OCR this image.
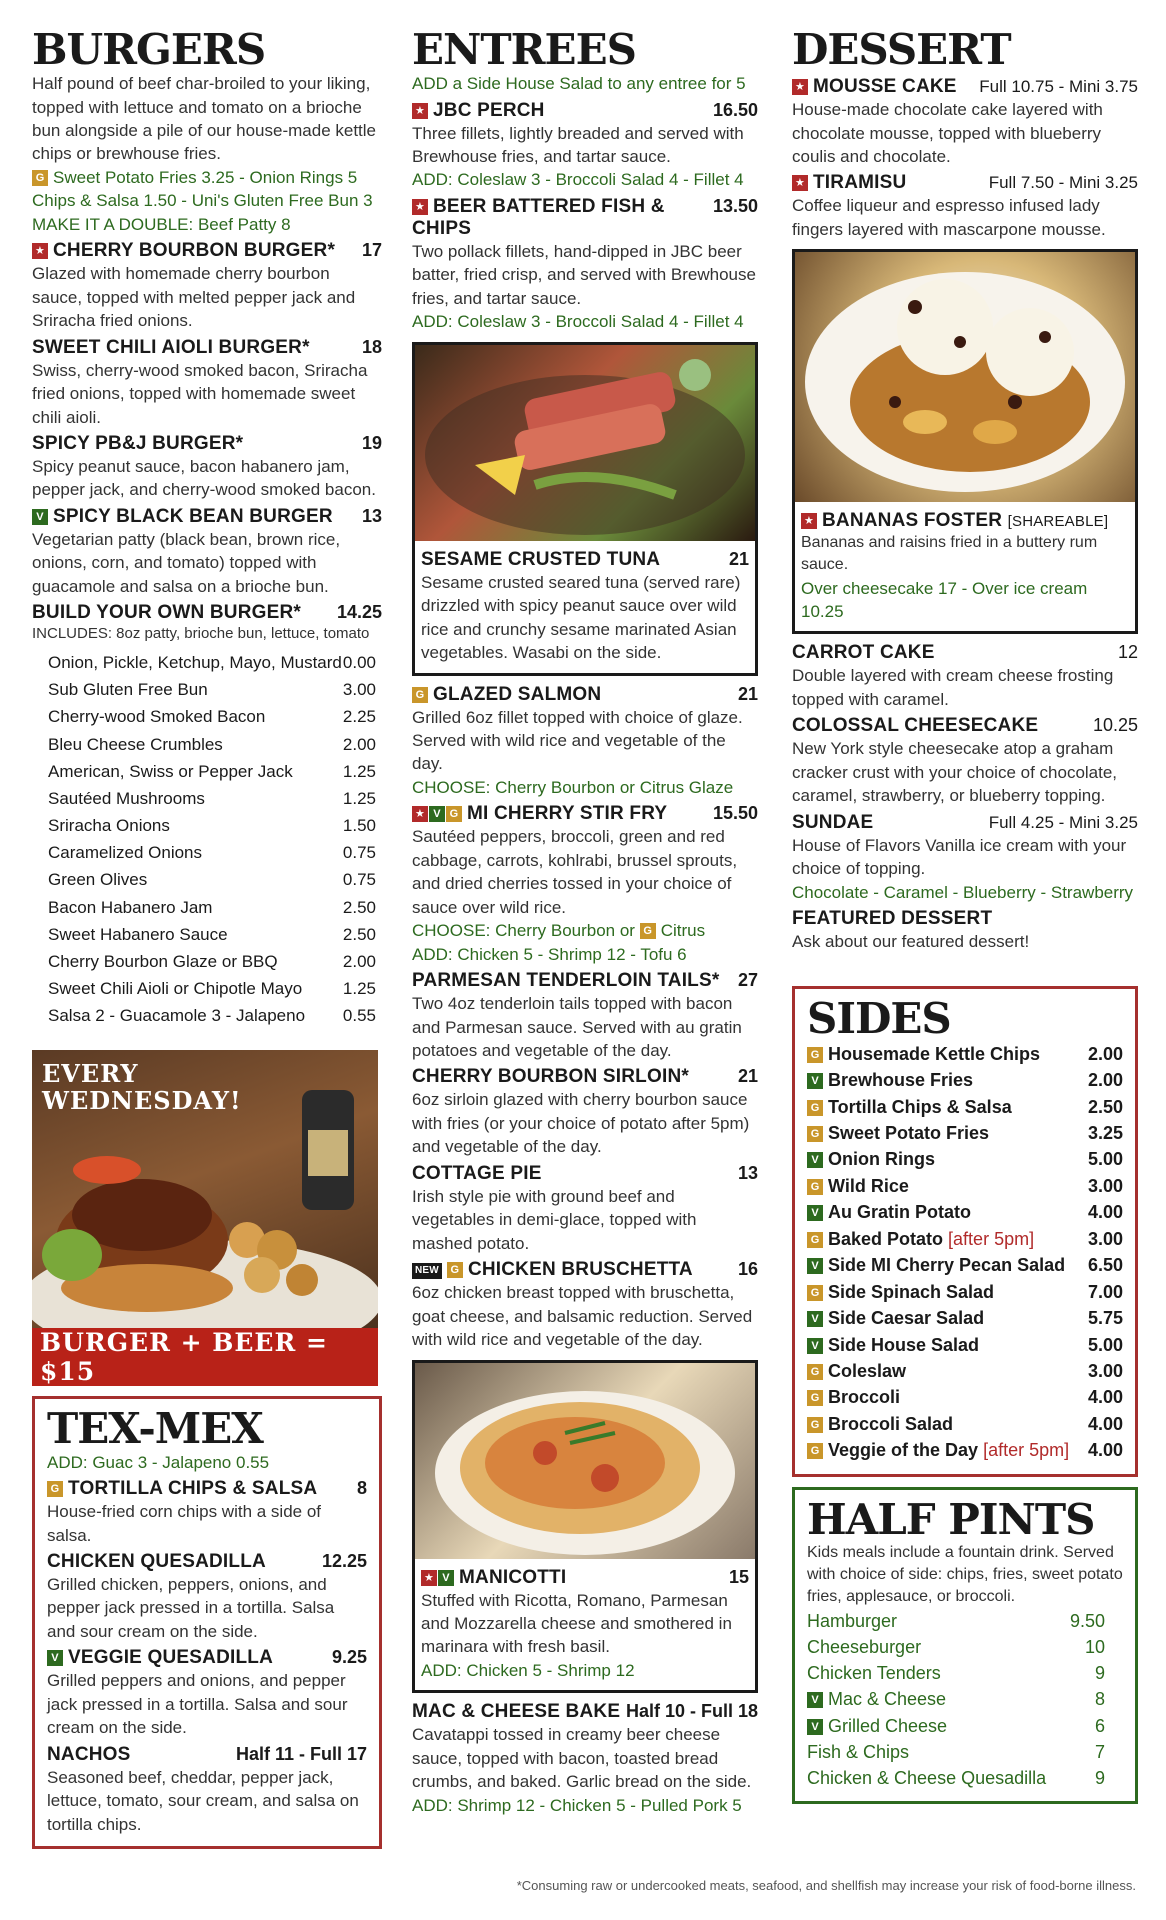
BURGERS

Half pound of beef char-broiled to your liking, topped with lettuce and tomato on a brioche bun alongside a pile of our house-made kettle chips or brewhouse fries.

G Sweet Potato Fries 3.25 - Onion Rings 5

Chips & Salsa 1.50 - Uni's Gluten Free Bun 3

MAKE IT A DOUBLE: Beef Patty 8

★ CHERRY BOURBON BURGER* 17

Glazed with homemade cherry bourbon sauce, topped with melted pepper jack and Sriracha fried onions.

SWEET CHILI AIOLI BURGER*	18

Swiss, cherry-wood smoked bacon, Sriracha fried onions, topped with homemade sweet chili aioli.

SPICY PB&J BURGER*	19

Spicy peanut sauce, bacon habanero jam, pepper jack, and cherry-wood smoked bacon.

V SPICY BLACK BEAN BURGER 13

Vegetarian patty (black bean, brown rice, onions, corn, and tomato) topped with guacamole and salsa on a brioche bun.

BUILD YOUR OWN BURGER* 14.25

INCLUDES: 8oz patty, brioche bun, lettuce, tomato

Onion, Pickle, Ketchup, Mayo, Mustard 0.00
Sub Gluten Free Bun	3.00
Cherry-wood Smoked Bacon	2.25
Bleu Cheese Crumbles	2.00
American, Swiss or Pepper Jack	1.25
Sautéed Mushrooms	1.25
Sriracha Onions	1.50
Caramelized Onions	0.75
Green Olives	0.75
Bacon Habanero Jam	2.50
Sweet Habanero Sauce	2.50
Cherry Bourbon Glaze or BBQ	2.00
Sweet Chili Aioli or Chipotle Mayo 1.25
Salsa 2 - Guacamole 3 - Jalapeno 0.55
EVERY
WEDNESDAY!
BURGER + BEER = $15
TEX-MEX

ADD: Guac 3 - Jalapeno 0.55

G TORTILLA CHIPS & SALSA 8

House-fried corn chips with a side of salsa.

CHICKEN QUESADILLA	12.25

Grilled chicken, peppers, onions, and pepper jack pressed in a tortilla. Salsa and sour cream on the side.

V VEGGIE QUESADILLA	9.25

Grilled peppers and onions, and pepper jack pressed in a tortilla. Salsa and sour cream on the side.

NACHOS	Half 11 - Full 17

Seasoned beef, cheddar, pepper jack, lettuce, tomato, sour cream, and salsa on tortilla chips.

ENTREES

ADD a Side House Salad to any entree for 5

★ JBC PERCH	16.50

Three fillets, lightly breaded and served with Brewhouse fries, and tartar sauce.

ADD: Coleslaw 3 - Broccoli Salad 4 - Fillet 4

★ BEER BATTERED FISH & CHIPS
13.50

Two pollack fillets, hand-dipped in JBC beer batter, fried crisp, and served with Brewhouse fries, and tartar sauce.

ADD: Coleslaw 3 - Broccoli Salad 4 - Fillet 4

SESAME CRUSTED TUNA	21

Sesame crusted seared tuna (served rare) drizzled with spicy peanut sauce over wild rice and crunchy sesame marinated Asian vegetables. Wasabi on the side.

G GLAZED SALMON	21

Grilled 6oz fillet topped with choice of glaze. Served with wild rice and vegetable of the day.

CHOOSE: Cherry Bourbon or Citrus Glaze

★ V G MI CHERRY STIR FRY	15.50

Sautéed peppers, broccoli, green and red cabbage, carrots, kohlrabi, brussel sprouts, and dried cherries tossed in your choice of sauce over wild rice.

CHOOSE: Cherry Bourbon or G Citrus

ADD: Chicken 5 - Shrimp 12 - Tofu 6

PARMESAN TENDERLOIN TAILS* 27

Two 4oz tenderloin tails topped with bacon and Parmesan sauce. Served with au gratin potatoes and vegetable of the day.

CHERRY BOURBON SIRLOIN*	21

6oz sirloin glazed with cherry bourbon sauce with fries (or your choice of potato after 5pm) and vegetable of the day.

COTTAGE PIE	13

Irish style pie with ground beef and vegetables in demi-glace, topped with mashed potato.

NEW G CHICKEN BRUSCHETTA	16

6oz chicken breast topped with bruschetta, goat cheese, and balsamic reduction. Served with wild rice and vegetable of the day.

★ V MANICOTTI	15

Stuffed with Ricotta, Romano, Parmesan and Mozzarella cheese and smothered in marinara with fresh basil.

ADD: Chicken 5 - Shrimp 12

MAC & CHEESE BAKE Half 10 - Full 18

Cavatappi tossed in creamy beer cheese sauce, topped with bacon, toasted bread crumbs, and baked. Garlic bread on the side.

ADD: Shrimp 12 - Chicken 5 - Pulled Pork 5

DESSERT
★ MOUSSE CAKE Full 10.75 - Mini 3.75

House-made chocolate cake layered with chocolate mousse, topped with blueberry coulis and chocolate.

★ TIRAMISU	Full 7.50 - Mini 3.25

Coffee liqueur and espresso infused lady fingers layered with mascarpone mousse.

★ BANANAS FOSTER [SHAREABLE]

Bananas and raisins fried in a buttery rum sauce.

Over cheesecake 17 - Over ice cream 10.25

CARROT CAKE	12

Double layered with cream cheese frosting topped with caramel.

COLOSSAL CHEESECAKE	10.25

New York style cheesecake atop a graham cracker crust with your choice of chocolate, caramel, strawberry, or blueberry topping.

SUNDAE	Full 4.25 - Mini 3.25

House of Flavors Vanilla ice cream with your choice of topping.

Chocolate - Caramel - Blueberry - Strawberry

FEATURED DESSERT

Ask about our featured dessert!

SIDES
G Housemade Kettle Chips	2.00
V Brewhouse Fries	2.00
G Tortilla Chips & Salsa	2.50
G Sweet Potato Fries	3.25
V Onion Rings	5.00
G Wild Rice	3.00
V Au Gratin Potato	4.00
G Baked Potato [after 5pm]	3.00
V Side MI Cherry Pecan Salad 6.50
G Side Spinach Salad	7.00
V Side Caesar Salad	5.75
V Side House Salad	5.00
G Coleslaw	3.00
G Broccoli	4.00
G Broccoli Salad	4.00
G Veggie of the Day [after 5pm] 4.00
HALF PINTS

Kids meals include a fountain drink. Served with choice of side: chips, fries, sweet potato fries, applesauce, or broccoli.

Hamburger	9.50
Cheeseburger	10
Chicken Tenders	9
V Mac & Cheese	8
V Grilled Cheese	6
Fish & Chips	7
Chicken & Cheese Quesadilla	9
*Consuming raw or undercooked meats, seafood, and shellfish may increase your risk of food-borne illness.
